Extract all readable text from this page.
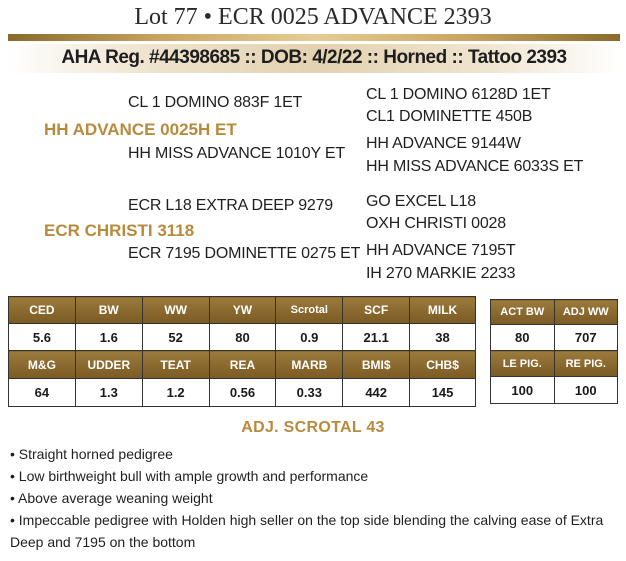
Lot 77 • ECR 0025 ADVANCE 2393
AHA Reg. #44398685 :: DOB: 4/2/22 :: Horned :: Tattoo 2393
CL 1 DOMINO 883F 1ET
HH ADVANCE 0025H ET
HH MISS ADVANCE 1010Y ET
CL 1 DOMINO 6128D 1ET
CL1 DOMINETTE 450B
HH ADVANCE 9144W
HH MISS ADVANCE 6033S ET
ECR L18 EXTRA DEEP 9279
ECR CHRISTI 3118
ECR 7195 DOMINETTE 0275 ET
GO EXCEL L18
OXH CHRISTI 0028
HH ADVANCE 7195T
IH 270 MARKIE 2233
CED	BW	WW	YW	Scrotal	SCF	MILK
5.6	1.6	52	80	0.9	21.1	38
M&G	UDDER	TEAT	REA	MARB	BMI$	CHB$
64	1.3	1.2	0.56	0.33	442	145
ACT BW	ADJ WW
80	707
LE PIG.	RE PIG.
100	100
ADJ. SCROTAL 43
• Straight horned pedigree
• Low birthweight bull with ample growth and performance
• Above average weaning weight
• Impeccable pedigree with Holden high seller on the top side blending the calving ease of Extra Deep and 7195 on the bottom
